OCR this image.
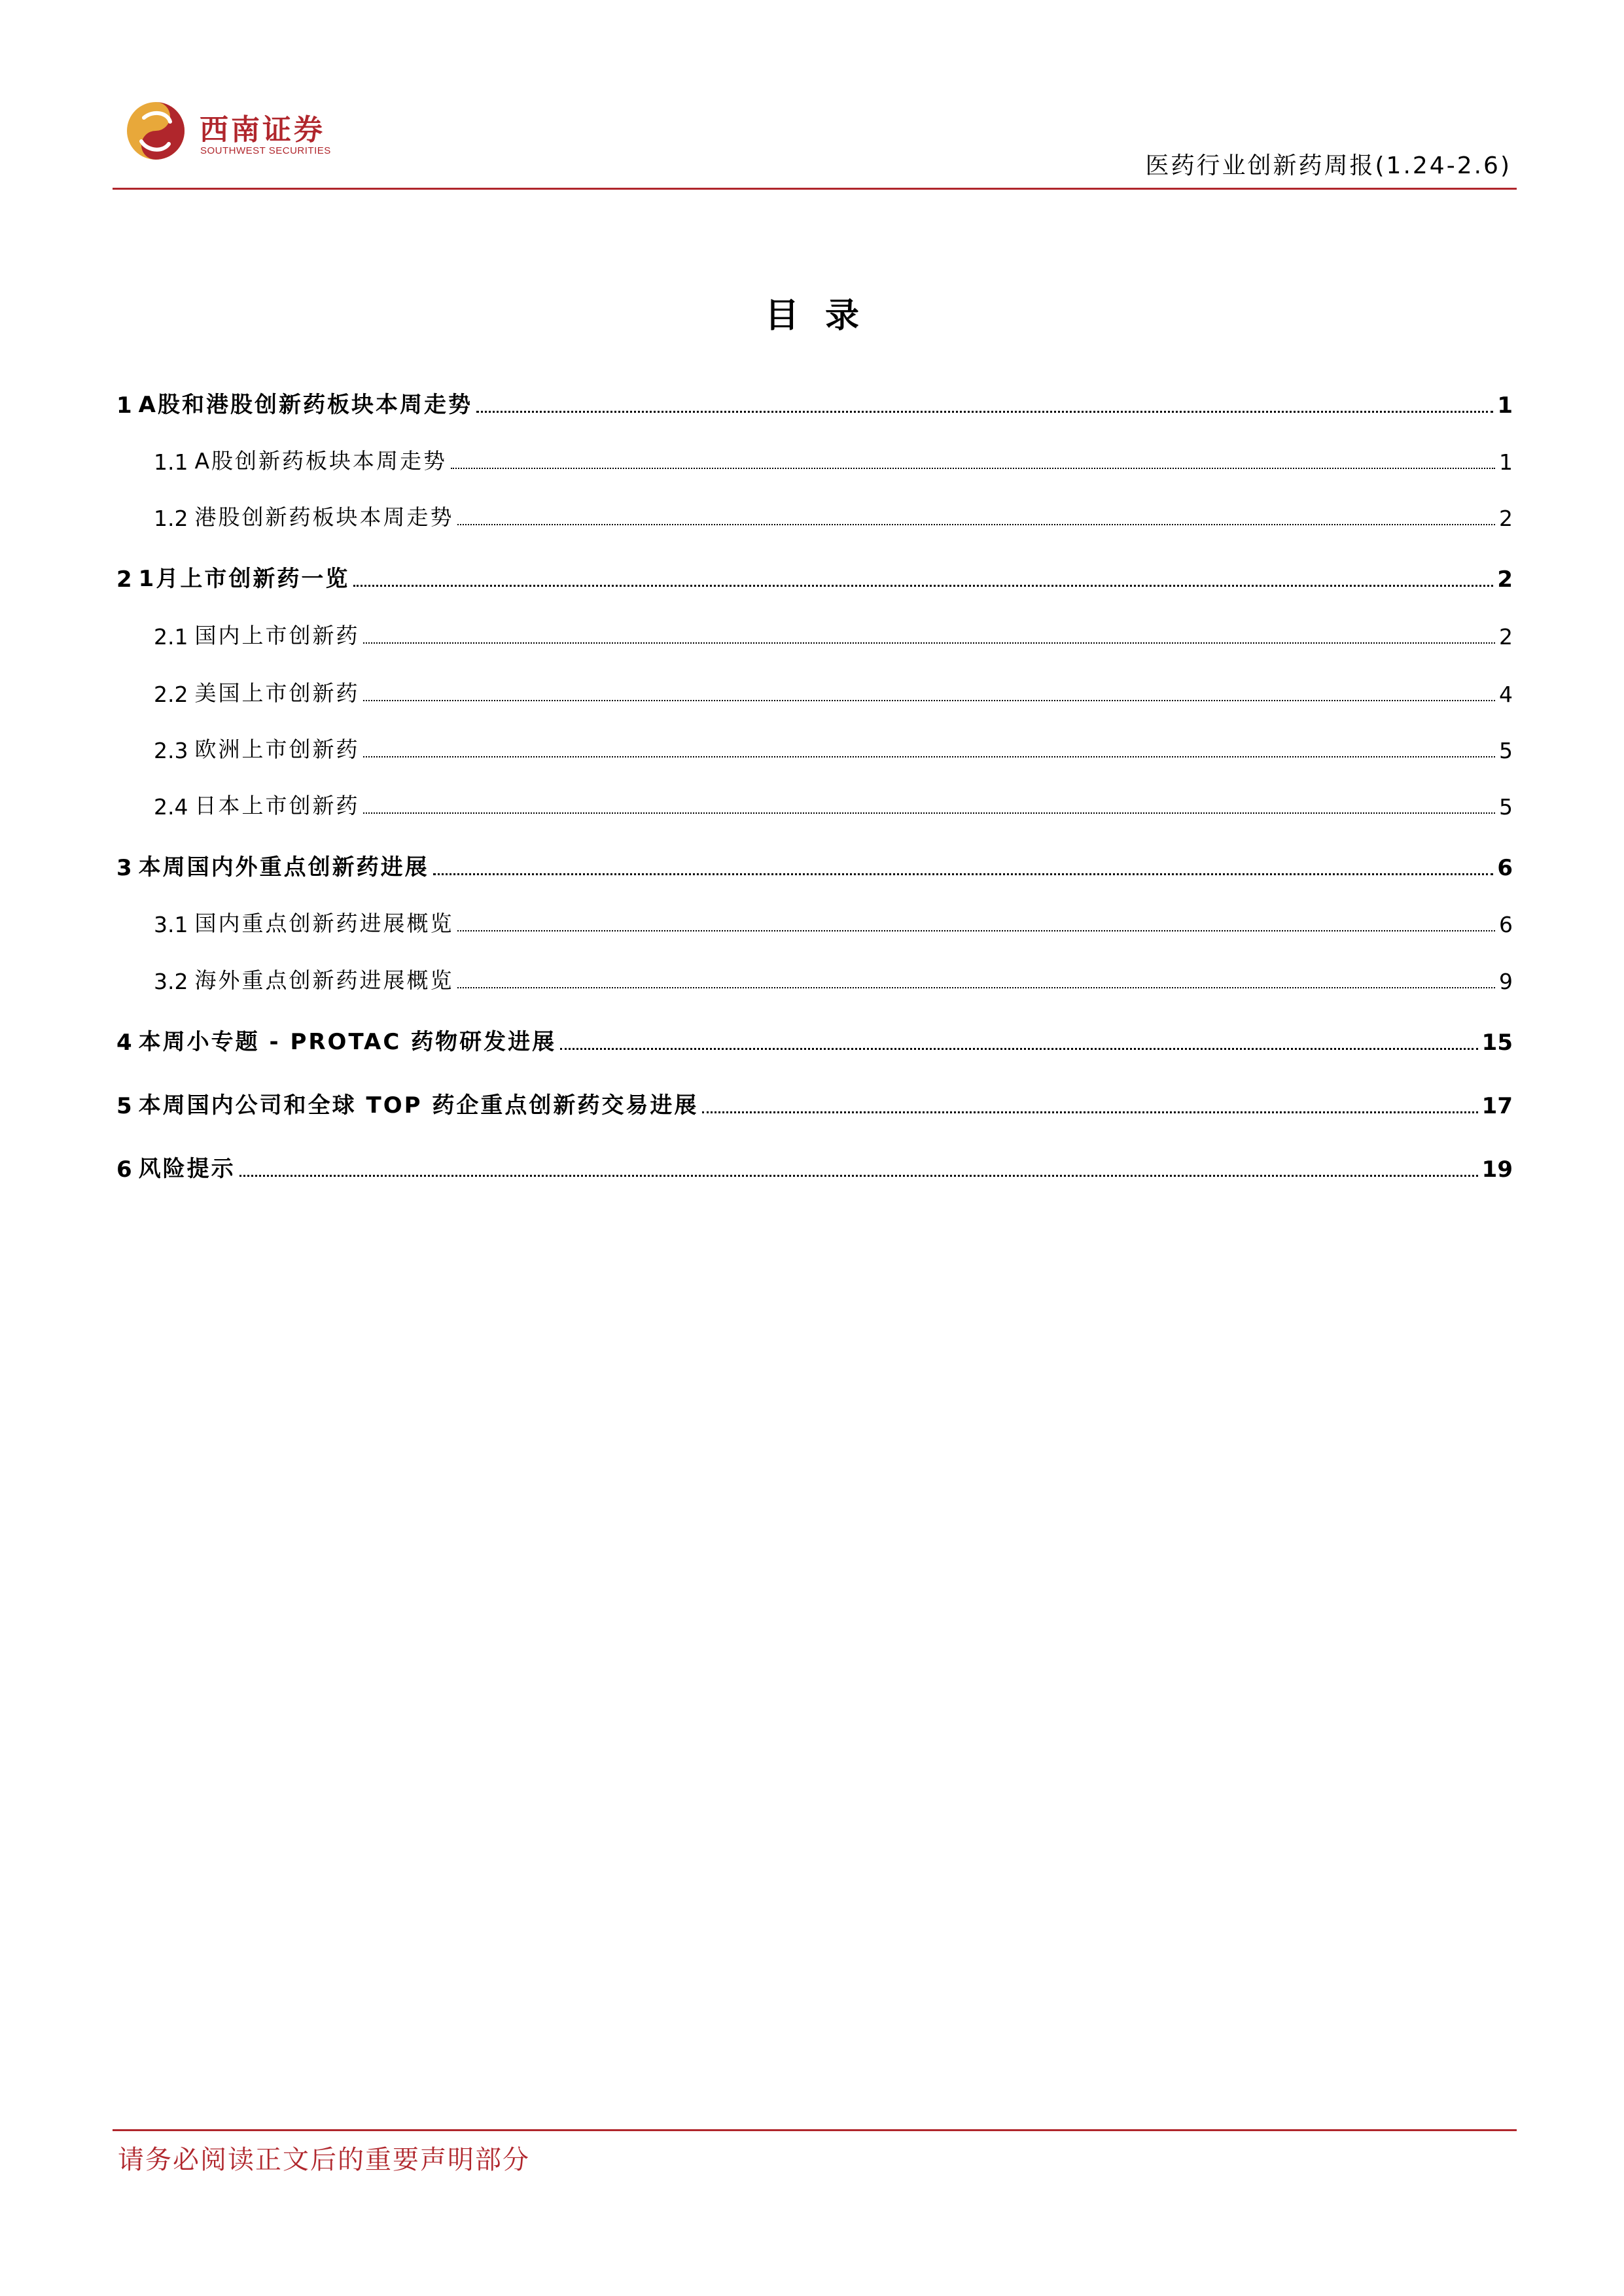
西南证券
SOUTHWEST SECURITIES
医药行业创新药周报(1.24-2.6)
目录
1 A股和港股创新药板块本周走势	1
1.1 A股创新药板块本周走势	1
1.2 港股创新药板块本周走势	2
2 1月上市创新药一览	2
2.1 国内上市创新药	2
2.2 美国上市创新药	4
2.3 欧洲上市创新药	5
2.4 日本上市创新药	5
3 本周国内外重点创新药进展	6
3.1 国内重点创新药进展概览	6
3.2 海外重点创新药进展概览	9
4 本周小专题 - PROTAC 药物研发进展	15
5 本周国内公司和全球 TOP 药企重点创新药交易进展	17
6 风险提示	19
请务必阅读正文后的重要声明部分
